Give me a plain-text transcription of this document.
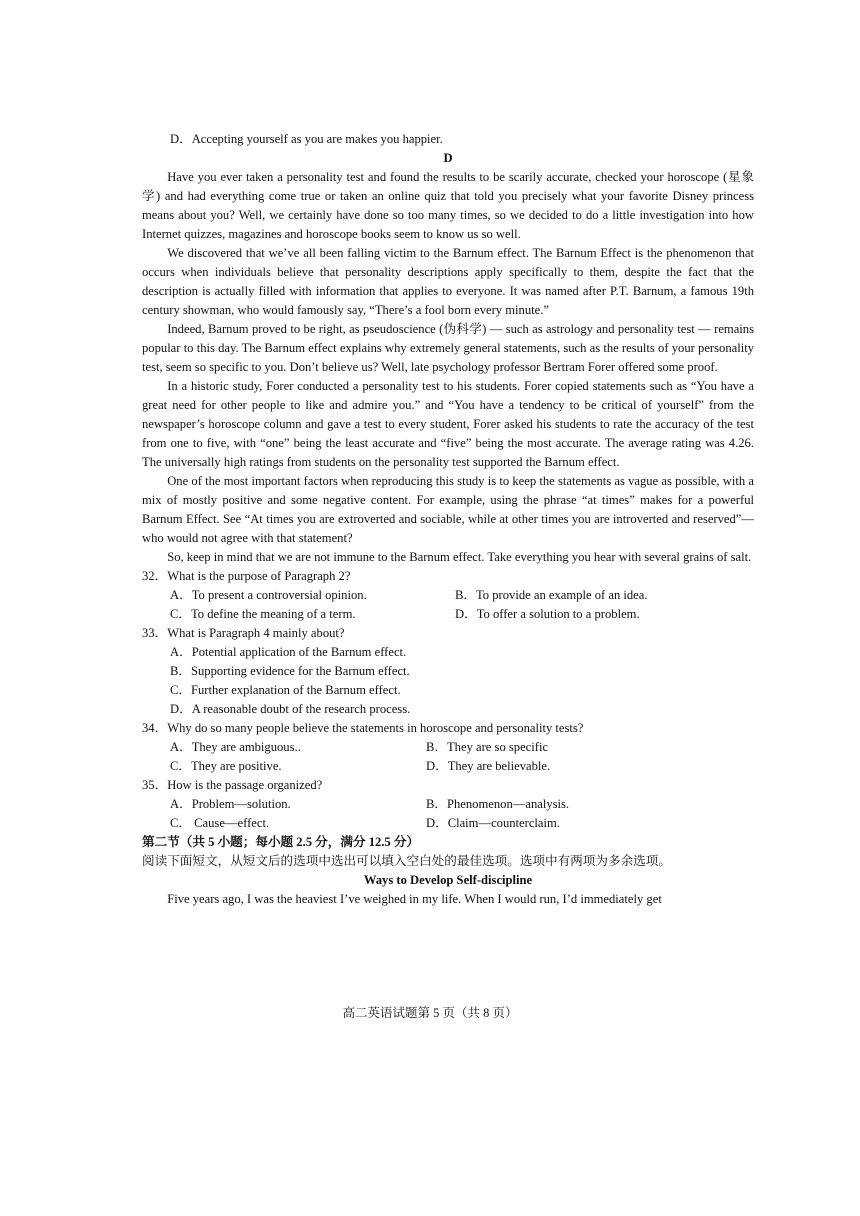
D．Accepting yourself as you are makes you happier.

D

Have you ever taken a personality test and found the results to be scarily accurate, checked your horoscope (星象学) and had everything come true or taken an online quiz that told you precisely what your favorite Disney princess means about you? Well, we certainly have done so too many times, so we decided to do a little investigation into how Internet quizzes, magazines and horoscope books seem to know us so well.

We discovered that we’ve all been falling victim to the Barnum effect. The Barnum Effect is the phenomenon that occurs when individuals believe that personality descriptions apply specifically to them, despite the fact that the description is actually filled with information that applies to everyone. It was named after P.T. Barnum, a famous 19th century showman, who would famously say, “There’s a fool born every minute.”

Indeed, Barnum proved to be right, as pseudoscience (伪科学) — such as astrology and personality test — remains popular to this day. The Barnum effect explains why extremely general statements, such as the results of your personality test, seem so specific to you. Don’t believe us? Well, late psychology professor Bertram Forer offered some proof.

In a historic study, Forer conducted a personality test to his students. Forer copied statements such as “You have a great need for other people to like and admire you.” and “You have a tendency to be critical of yourself” from the newspaper’s horoscope column and gave a test to every student, Forer asked his students to rate the accuracy of the test from one to five, with “one” being the least accurate and “five” being the most accurate. The average rating was 4.26. The universally high ratings from students on the personality test supported the Barnum effect.

One of the most important factors when reproducing this study is to keep the statements as vague as possible, with a mix of mostly positive and some negative content. For example, using the phrase “at times” makes for a powerful Barnum Effect. See “At times you are extroverted and sociable, while at other times you are introverted and reserved”— who would not agree with that statement?

So, keep in mind that we are not immune to the Barnum effect. Take everything you hear with several grains of salt.

32．What is the purpose of Paragraph 2?

A．To present a controversial opinion.	B．To provide an example of an idea.
C．To define the meaning of a term.	D．To offer a solution to a problem.

33．What is Paragraph 4 mainly about?

A．Potential application of the Barnum effect.
B．Supporting evidence for the Barnum effect.
C．Further explanation of the Barnum effect.
D．A reasonable doubt of the research process.

34．Why do so many people believe the statements in horoscope and personality tests?

A．They are ambiguous..	B．They are so specific
C．They are positive.	D．They are believable.

35．How is the passage organized?

A．Problem—solution.	B．Phenomenon—analysis.
C． Cause—effect.	D．Claim—counterclaim.

第二节（共 5 小题；每小题 2.5 分，满分 12.5 分）

阅读下面短文，从短文后的选项中选出可以填入空白处的最佳选项。选项中有两项为多余选项。

Ways to Develop Self-discipline

Five years ago, I was the heaviest I’ve weighed in my life. When I would run, I’d immediately get

高二英语试题第 5 页（共 8 页）
